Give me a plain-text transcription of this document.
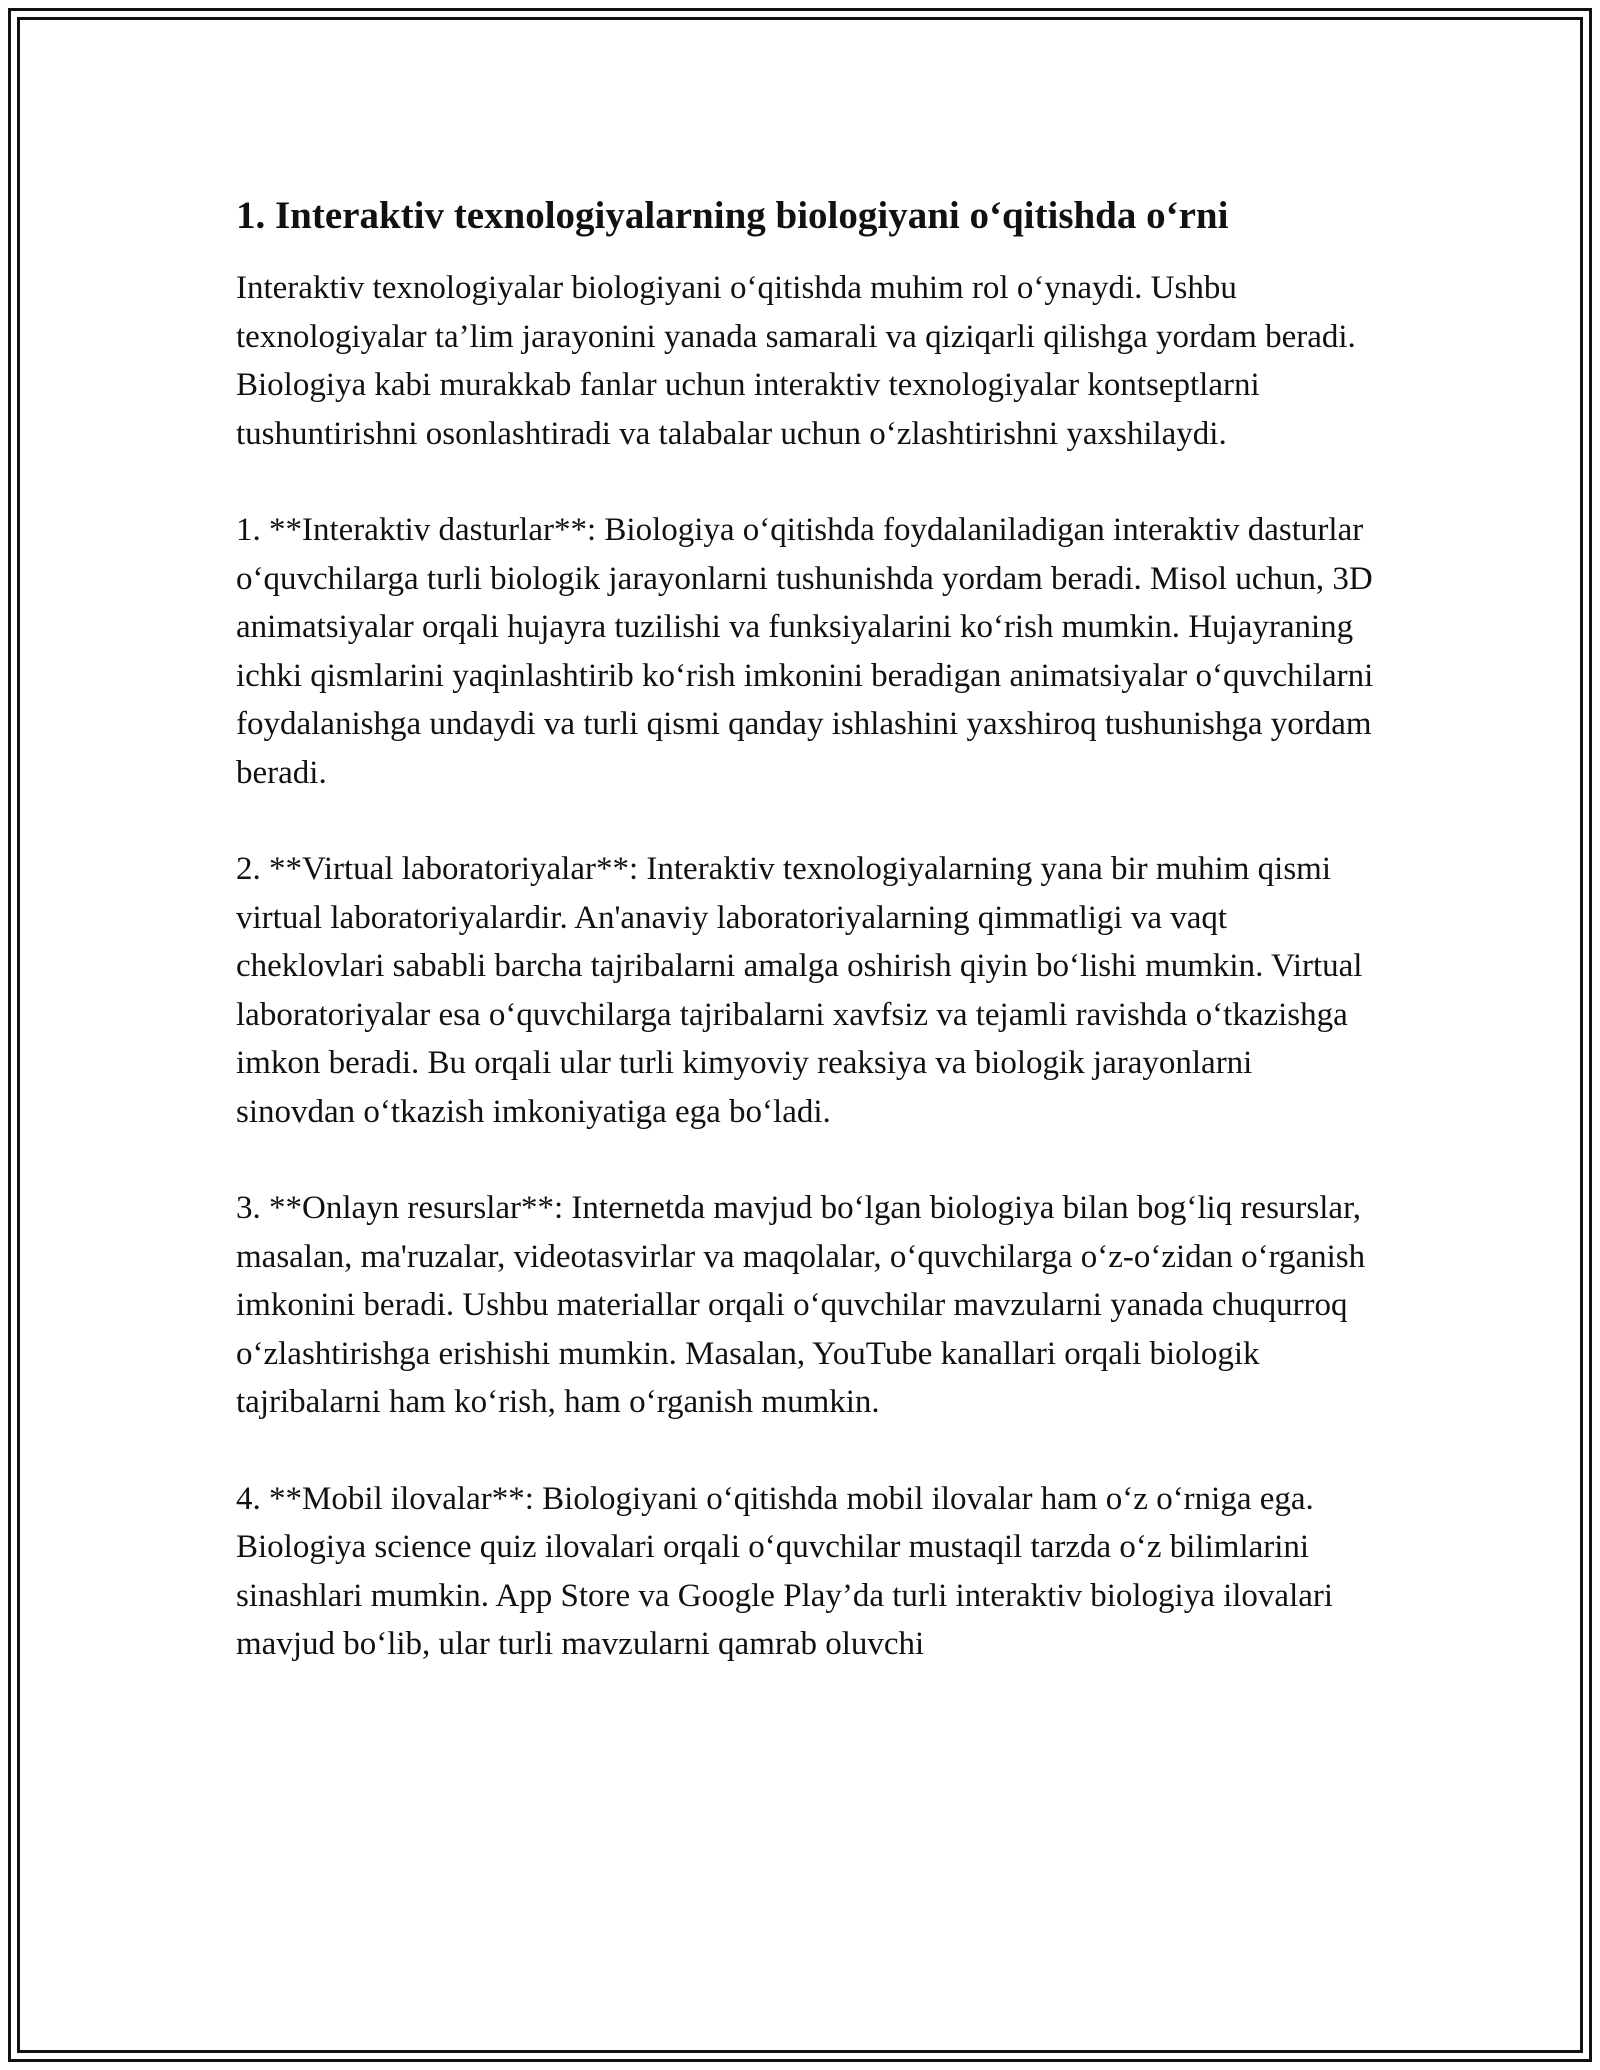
1. Interaktiv texnologiyalarning biologiyani o‘qitishda o‘rni

Interaktiv texnologiyalar biologiyani o‘qitishda muhim rol o‘ynaydi. Ushbu texnologiyalar ta’lim jarayonini yanada samarali va qiziqarli qilishga yordam beradi. Biologiya kabi murakkab fanlar uchun interaktiv texnologiyalar kontseptlarni tushuntirishni osonlashtiradi va talabalar uchun o‘zlashtirishni yaxshilaydi.

1. **Interaktiv dasturlar**: Biologiya o‘qitishda foydalaniladigan interaktiv dasturlar o‘quvchilarga turli biologik jarayonlarni tushunishda yordam beradi. Misol uchun, 3D animatsiyalar orqali hujayra tuzilishi va funksiyalarini ko‘rish mumkin. Hujayraning ichki qismlarini yaqinlashtirib ko‘rish imkonini beradigan animatsiyalar o‘quvchilarni foydalanishga undaydi va turli qismi qanday ishlashini yaxshiroq tushunishga yordam beradi.

2. **Virtual laboratoriyalar**: Interaktiv texnologiyalarning yana bir muhim qismi virtual laboratoriyalardir. An'anaviy laboratoriyalarning qimmatligi va vaqt cheklovlari sababli barcha tajribalarni amalga oshirish qiyin bo‘lishi mumkin. Virtual laboratoriyalar esa o‘quvchilarga tajribalarni xavfsiz va tejamli ravishda o‘tkazishga imkon beradi. Bu orqali ular turli kimyoviy reaksiya va biologik jarayonlarni sinovdan o‘tkazish imkoniyatiga ega bo‘ladi.

3. **Onlayn resurslar**: Internetda mavjud bo‘lgan biologiya bilan bog‘liq resurslar, masalan, ma'ruzalar, videotasvirlar va maqolalar, o‘quvchilarga o‘z-o‘zidan o‘rganish imkonini beradi. Ushbu materiallar orqali o‘quvchilar mavzularni yanada chuqurroq o‘zlashtirishga erishishi mumkin. Masalan, YouTube kanallari orqali biologik tajribalarni ham ko‘rish, ham o‘rganish mumkin.

4. **Mobil ilovalar**: Biologiyani o‘qitishda mobil ilovalar ham o‘z o‘rniga ega. Biologiya science quiz ilovalari orqali o‘quvchilar mustaqil tarzda o‘z bilimlarini sinashlari mumkin. App Store va Google Play’da turli interaktiv biologiya ilovalari mavjud bo‘lib, ular turli mavzularni qamrab oluvchi
